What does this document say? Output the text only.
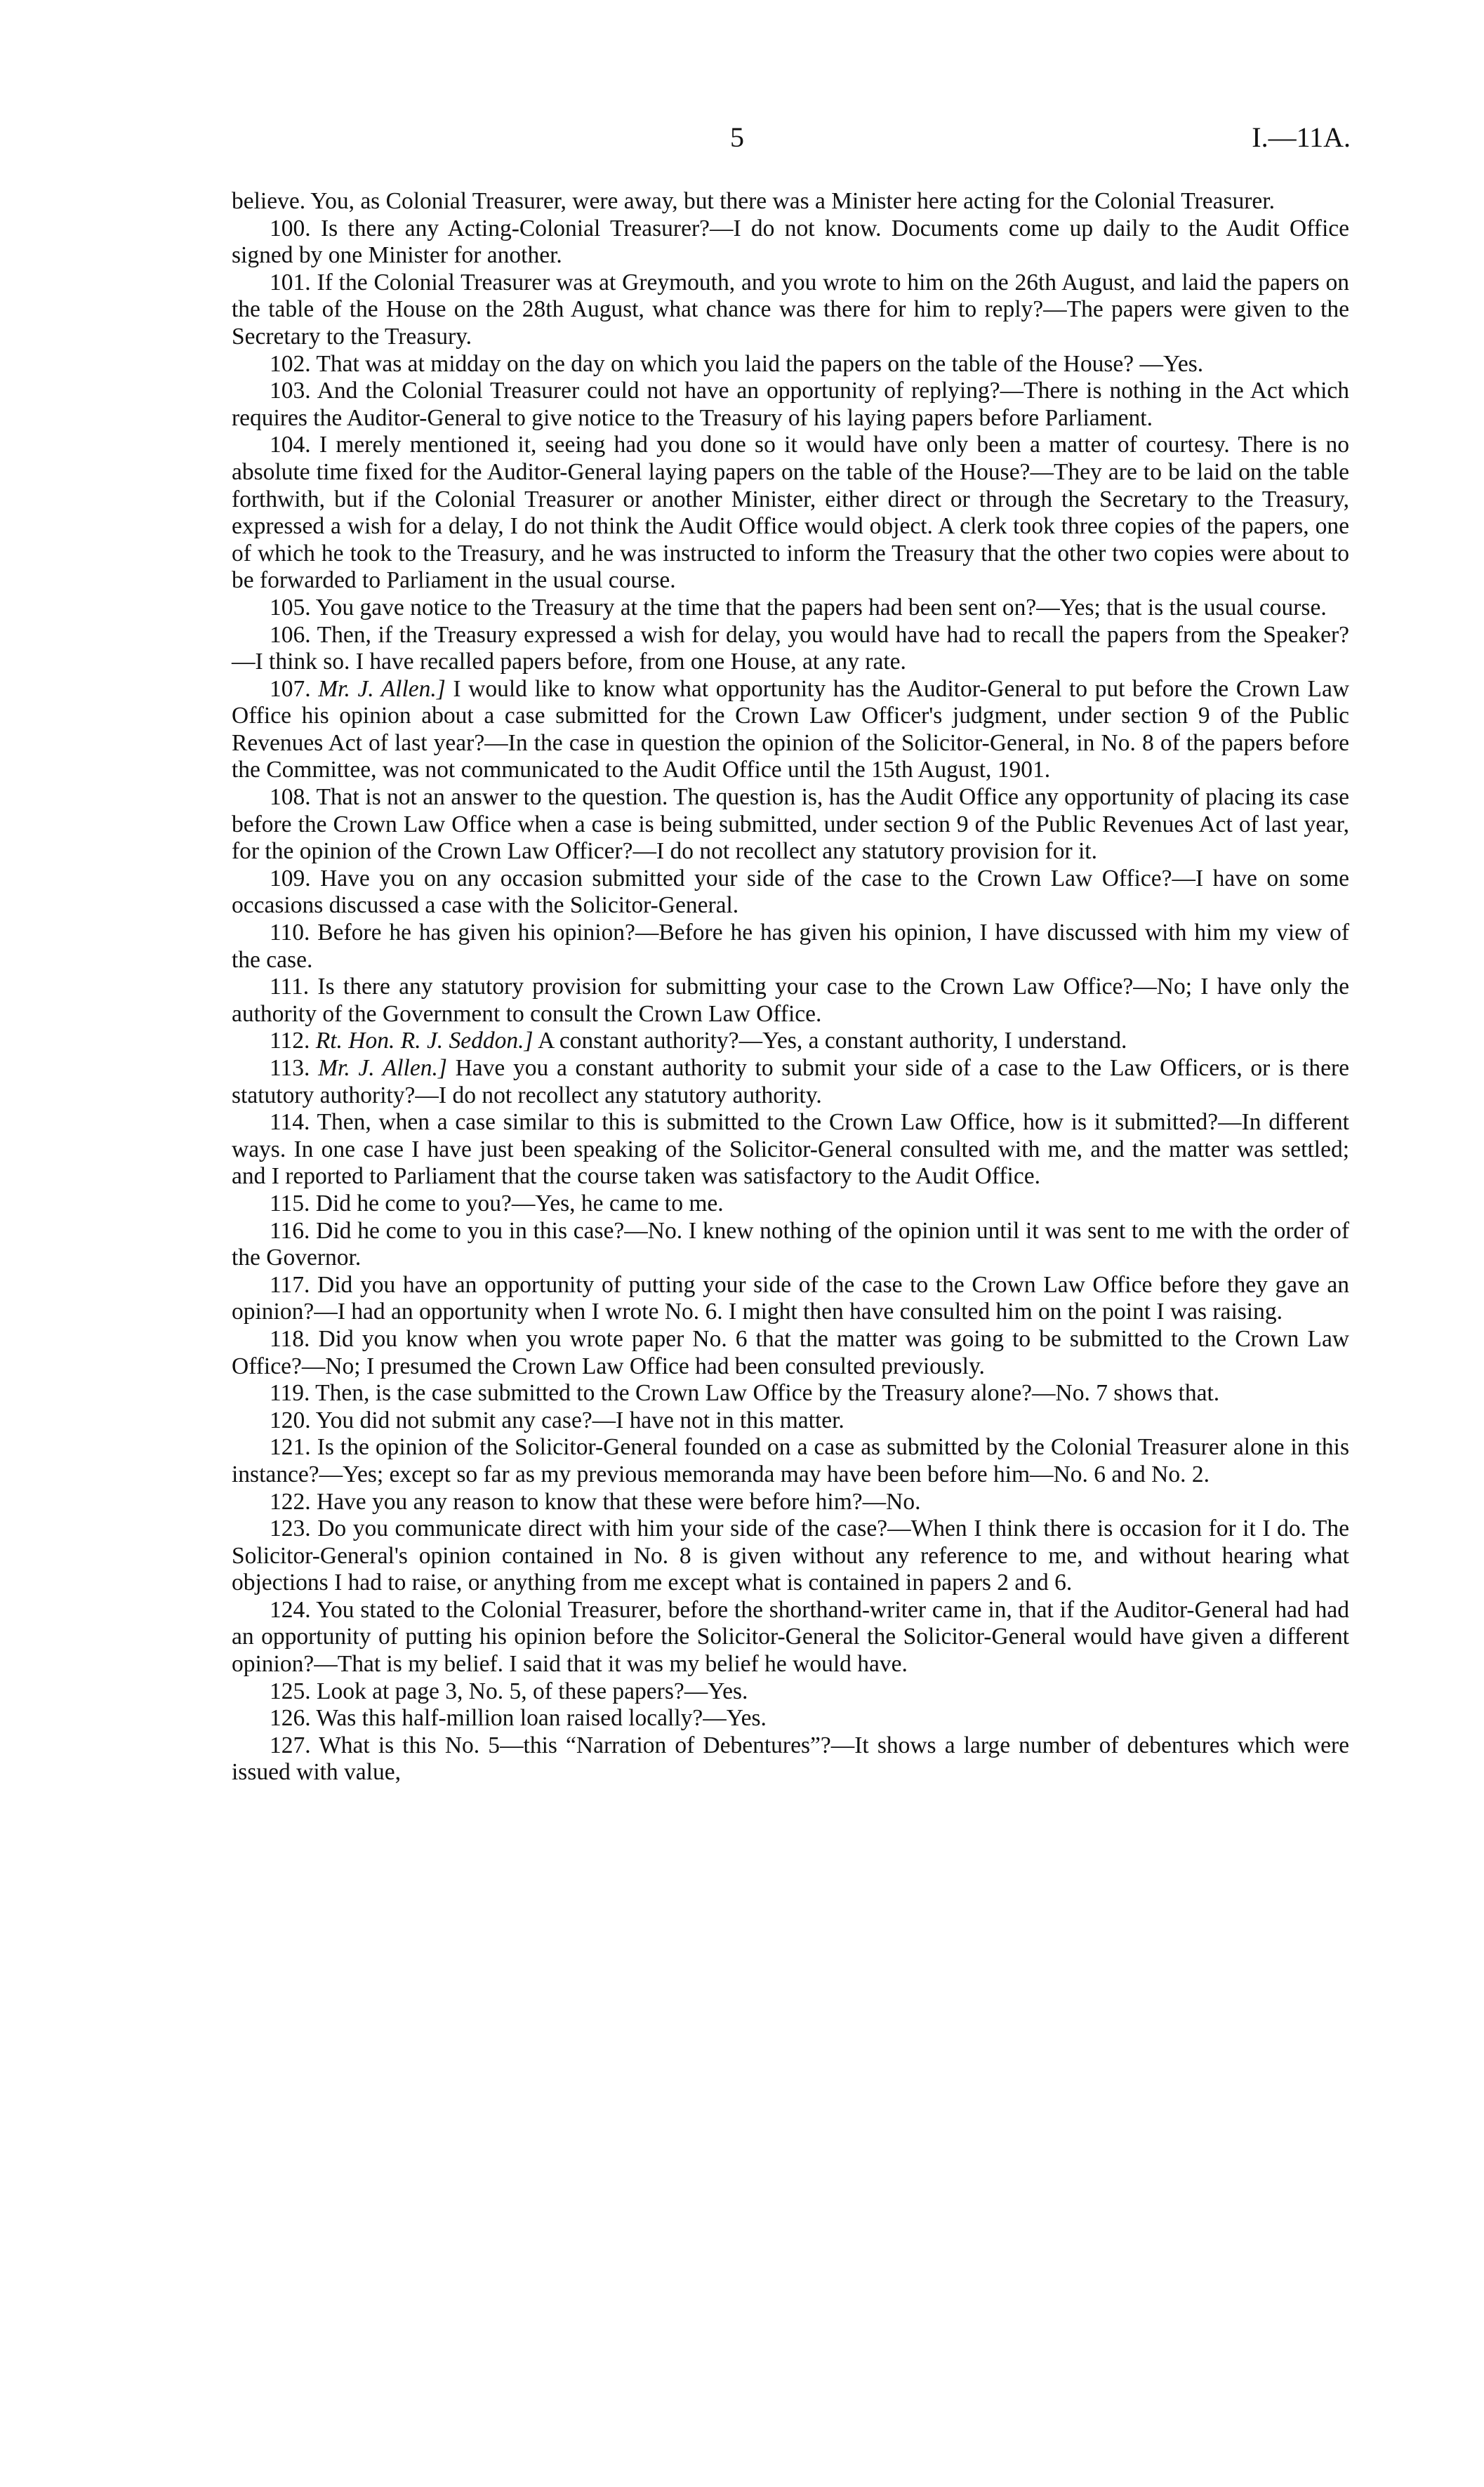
5	I.—11A.

believe. You, as Colonial Treasurer, were away, but there was a Minister here acting for the Colonial Treasurer.

100. Is there any Acting-Colonial Treasurer?—I do not know. Documents come up daily to the Audit Office signed by one Minister for another.

101. If the Colonial Treasurer was at Greymouth, and you wrote to him on the 26th August, and laid the papers on the table of the House on the 28th August, what chance was there for him to reply?—The papers were given to the Secretary to the Treasury.

102. That was at midday on the day on which you laid the papers on the table of the House? —Yes.

103. And the Colonial Treasurer could not have an opportunity of replying?—There is nothing in the Act which requires the Auditor-General to give notice to the Treasury of his laying papers before Parliament.

104. I merely mentioned it, seeing had you done so it would have only been a matter of courtesy. There is no absolute time fixed for the Auditor-General laying papers on the table of the House?—They are to be laid on the table forthwith, but if the Colonial Treasurer or another Minister, either direct or through the Secretary to the Treasury, expressed a wish for a delay, I do not think the Audit Office would object. A clerk took three copies of the papers, one of which he took to the Treasury, and he was instructed to inform the Treasury that the other two copies were about to be forwarded to Parliament in the usual course.

105. You gave notice to the Treasury at the time that the papers had been sent on?—Yes; that is the usual course.

106. Then, if the Treasury expressed a wish for delay, you would have had to recall the papers from the Speaker?—I think so. I have recalled papers before, from one House, at any rate.

107. Mr. J. Allen.] I would like to know what opportunity has the Auditor-General to put before the Crown Law Office his opinion about a case submitted for the Crown Law Officer's judgment, under section 9 of the Public Revenues Act of last year?—In the case in question the opinion of the Solicitor-General, in No. 8 of the papers before the Committee, was not communicated to the Audit Office until the 15th August, 1901.

108. That is not an answer to the question. The question is, has the Audit Office any opportunity of placing its case before the Crown Law Office when a case is being submitted, under section 9 of the Public Revenues Act of last year, for the opinion of the Crown Law Officer?—I do not recollect any statutory provision for it.

109. Have you on any occasion submitted your side of the case to the Crown Law Office?—I have on some occasions discussed a case with the Solicitor-General.

110. Before he has given his opinion?—Before he has given his opinion, I have discussed with him my view of the case.

111. Is there any statutory provision for submitting your case to the Crown Law Office?—No; I have only the authority of the Government to consult the Crown Law Office.

112. Rt. Hon. R. J. Seddon.] A constant authority?—Yes, a constant authority, I understand.

113. Mr. J. Allen.] Have you a constant authority to submit your side of a case to the Law Officers, or is there statutory authority?—I do not recollect any statutory authority.

114. Then, when a case similar to this is submitted to the Crown Law Office, how is it submitted?—In different ways. In one case I have just been speaking of the Solicitor-General consulted with me, and the matter was settled; and I reported to Parliament that the course taken was satisfactory to the Audit Office.

115. Did he come to you?—Yes, he came to me.

116. Did he come to you in this case?—No. I knew nothing of the opinion until it was sent to me with the order of the Governor.

117. Did you have an opportunity of putting your side of the case to the Crown Law Office before they gave an opinion?—I had an opportunity when I wrote No. 6. I might then have consulted him on the point I was raising.

118. Did you know when you wrote paper No. 6 that the matter was going to be submitted to the Crown Law Office?—No; I presumed the Crown Law Office had been consulted previously.

119. Then, is the case submitted to the Crown Law Office by the Treasury alone?—No. 7 shows that.

120. You did not submit any case?—I have not in this matter.

121. Is the opinion of the Solicitor-General founded on a case as submitted by the Colonial Treasurer alone in this instance?—Yes; except so far as my previous memoranda may have been before him—No. 6 and No. 2.

122. Have you any reason to know that these were before him?—No.

123. Do you communicate direct with him your side of the case?—When I think there is occasion for it I do. The Solicitor-General's opinion contained in No. 8 is given without any reference to me, and without hearing what objections I had to raise, or anything from me except what is contained in papers 2 and 6.

124. You stated to the Colonial Treasurer, before the shorthand-writer came in, that if the Auditor-General had had an opportunity of putting his opinion before the Solicitor-General the Solicitor-General would have given a different opinion?—That is my belief. I said that it was my belief he would have.

125. Look at page 3, No. 5, of these papers?—Yes.

126. Was this half-million loan raised locally?—Yes.

127. What is this No. 5—this “Narration of Debentures”?—It shows a large number of debentures which were issued with value,
